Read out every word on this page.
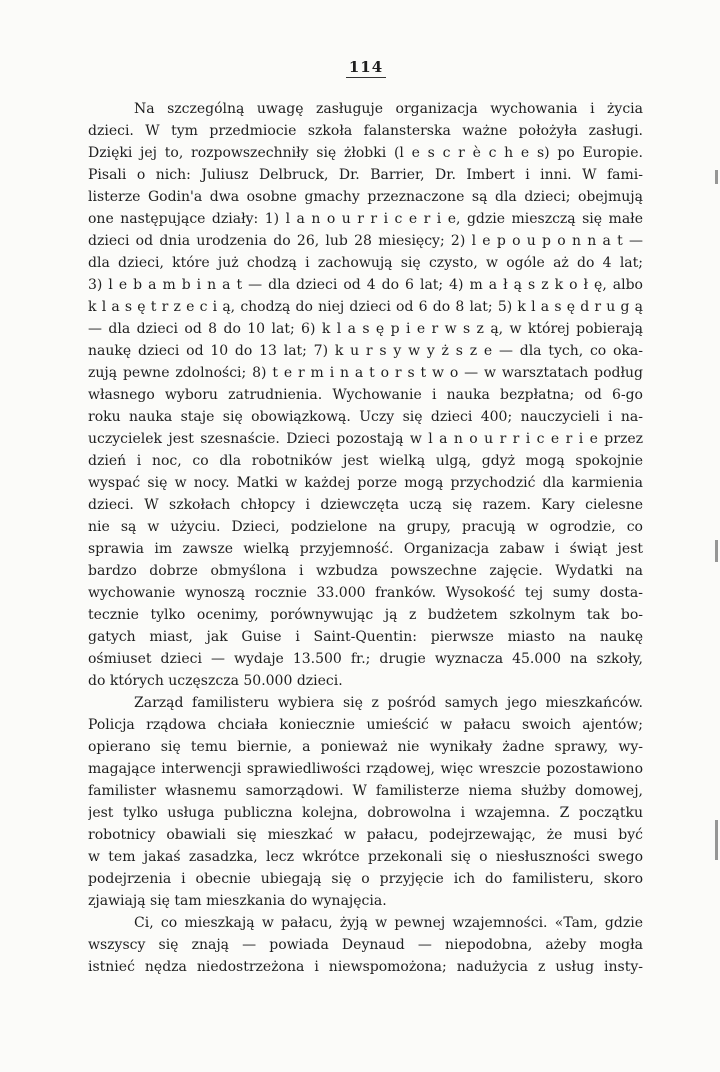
114
Na szczególną uwagę zasługuje organizacja wychowania i życia
dzieci. W tym przedmiocie szkoła falansterska ważne położyła zasługi.
Dzięki jej to, rozpowszechniły się żłobki (l e s c r è c h e s) po Europie.
Pisali o nich: Juliusz Delbruck, Dr. Barrier, Dr. Imbert i inni. W fami-
listerze Godin'a dwa osobne gmachy przeznaczone są dla dzieci; obejmują
one następujące działy: 1) l a n o u r r i c e r i e, gdzie mieszczą się małe
dzieci od dnia urodzenia do 26, lub 28 miesięcy; 2) l e p o u p o n n a t —
dla dzieci, które już chodzą i zachowują się czysto, w ogóle aż do 4 lat;
3) l e b a m b i n a t — dla dzieci od 4 do 6 lat; 4) m a ł ą s z k o ł ę, albo
k l a s ę t r z e c i ą, chodzą do niej dzieci od 6 do 8 lat; 5) k l a s ę d r u g ą
— dla dzieci od 8 do 10 lat; 6) k l a s ę p i e r w s z ą, w której pobierają
naukę dzieci od 10 do 13 lat; 7) k u r s y w y ż s z e — dla tych, co oka-
zują pewne zdolności; 8) t e r m i n a t o r s t w o — w warsztatach podług
własnego wyboru zatrudnienia. Wychowanie i nauka bezpłatna; od 6-go
roku nauka staje się obowiązkową. Uczy się dzieci 400; nauczycieli i na-
uczycielek jest szesnaście. Dzieci pozostają w l a n o u r r i c e r i e przez
dzień i noc, co dla robotników jest wielką ulgą, gdyż mogą spokojnie
wyspać się w nocy. Matki w każdej porze mogą przychodzić dla karmienia
dzieci. W szkołach chłopcy i dziewczęta uczą się razem. Kary cielesne
nie są w użyciu. Dzieci, podzielone na grupy, pracują w ogrodzie, co
sprawia im zawsze wielką przyjemność. Organizacja zabaw i świąt jest
bardzo dobrze obmyślona i wzbudza powszechne zajęcie. Wydatki na
wychowanie wynoszą rocznie 33.000 franków. Wysokość tej sumy dosta-
tecznie tylko ocenimy, porównywując ją z budżetem szkolnym tak bo-
gatych miast, jak Guise i Saint-Quentin: pierwsze miasto na naukę
ośmiuset dzieci — wydaje 13.500 fr.; drugie wyznacza 45.000 na szkoły,
do których uczęszcza 50.000 dzieci.
Zarząd familisteru wybiera się z pośród samych jego mieszkańców.
Policja rządowa chciała koniecznie umieścić w pałacu swoich ajentów;
opierano się temu biernie, a ponieważ nie wynikały żadne sprawy, wy-
magające interwencji sprawiedliwości rządowej, więc wreszcie pozostawiono
familister własnemu samorządowi. W familisterze niema służby domowej,
jest tylko usługa publiczna kolejna, dobrowolna i wzajemna. Z początku
robotnicy obawiali się mieszkać w pałacu, podejrzewając, że musi być
w tem jakaś zasadzka, lecz wkrótce przekonali się o niesłuszności swego
podejrzenia i obecnie ubiegają się o przyjęcie ich do familisteru, skoro
zjawiają się tam mieszkania do wynajęcia.
Ci, co mieszkają w pałacu, żyją w pewnej wzajemności. «Tam, gdzie
wszyscy się znają — powiada Deynaud — niepodobna, ażeby mogła
istnieć nędza niedostrzeżona i niewspomożona; nadużycia z usług insty-
